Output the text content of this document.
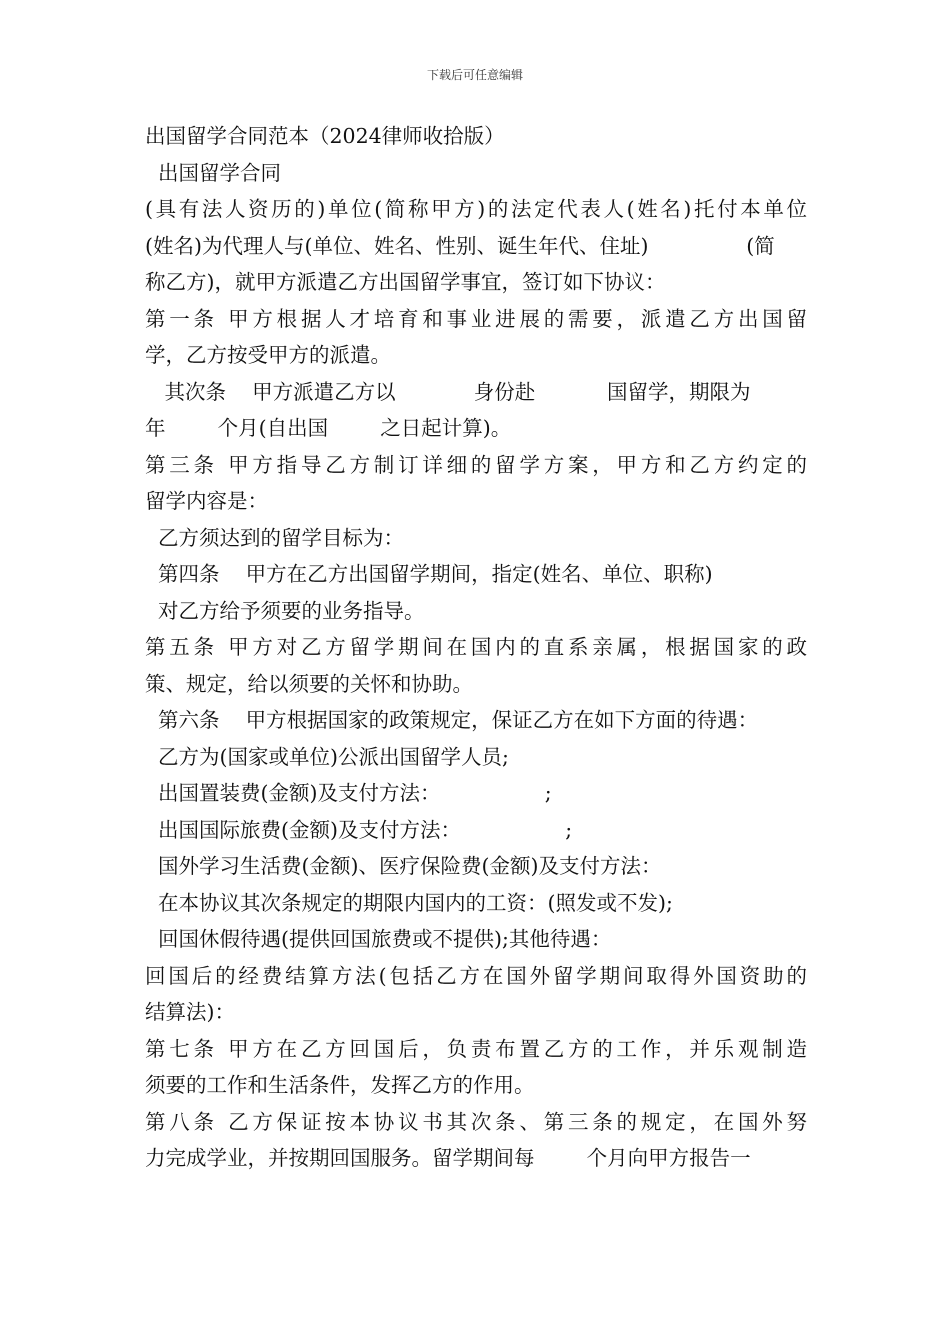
下载后可任意编辑
出国留学合同范本（2024律师收拾版）
出国留学合同
(具有法人资历的)单位(简称甲方)的法定代表人(姓名)托付本单位
(姓名)为代理人与(单位、姓名、性别、诞生年代、住址)               (简
称乙方)，就甲方派遣乙方出国留学事宜，签订如下协议：
第一条 甲方根据人才培育和事业进展的需要，派遣乙方出国留
学，乙方按受甲方的派遣。
其次条    甲方派遣乙方以            身份赴           国留学，期限为
年        个月(自出国        之日起计算)。
第三条 甲方指导乙方制订详细的留学方案，甲方和乙方约定的
留学内容是：
乙方须达到的留学目标为：
第四条    甲方在乙方出国留学期间，指定(姓名、单位、职称)
对乙方给予须要的业务指导。
第五条 甲方对乙方留学期间在国内的直系亲属，根据国家的政
策、规定，给以须要的关怀和协助。
第六条    甲方根据国家的政策规定，保证乙方在如下方面的待遇：
乙方为(国家或单位)公派出国留学人员;
出国置装费(金额)及支付方法：                ;
出国国际旅费(金额)及支付方法：                ;
国外学习生活费(金额)、医疗保险费(金额)及支付方法：
在本协议其次条规定的期限内国内的工资：(照发或不发);
回国休假待遇(提供回国旅费或不提供);其他待遇：
回国后的经费结算方法(包括乙方在国外留学期间取得外国资助的
结算法)：
第七条 甲方在乙方回国后，负责布置乙方的工作，并乐观制造
须要的工作和生活条件，发挥乙方的作用。
第八条 乙方保证按本协议书其次条、第三条的规定，在国外努
力完成学业，并按期回国服务。留学期间每        个月向甲方报告一
